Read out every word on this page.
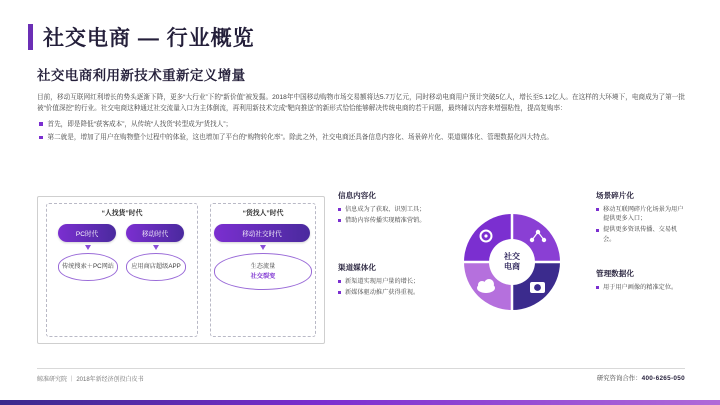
社交电商 — 行业概览
社交电商利用新技术重新定义增量

目前，移动互联网红利增长的势头逐渐下降，更多“大行业”下的“新价值”被发掘。2018年中国移动购物市场交易额将达5.7万亿元，同时移动电商用户预计突破5亿人，增长至5.12亿人。在这样的大环境下，电商成为了第一批被“价值深挖”的行业。社交电商这种通过社交流量入口为主体倒流，再利用新技术完成“靶向推送”的新形式恰恰能够解决传统电商的若干问题，最终辅以内容来增强粘性，提高复购率：

首先，即是降低“获客成本”，从传统“人找货”转型成为“货找人”；
第二就是，增加了用户在购物整个过程中的体验，这也增加了平台的“购物转化率”。除此之外，社交电商还具备信息内容化、场景碎片化、渠道媒体化、管理数据化四大特点。
“人找货”时代
PC时代
传统搜索＋PC网站
移动时代
应用商店超级APP
“货找人”时代
移动社交时代
生态流量
社交裂变
社交
电商
信息内容化
信息成为了获取、识别工具；
借助内容传播实现精准营销。
渠道媒体化
新渠道实现用户量的增长；
新媒体驱动推广获得重视。
场景碎片化
移动互联网碎片化场景为用户提供更多入口；
提供更多资讯传播、交易机会。
管理数据化
用于用户画像的精准定位。
鲸准研究院 ｜ 2018年新经济创投白皮书	研究咨询合作：400-6265-050
